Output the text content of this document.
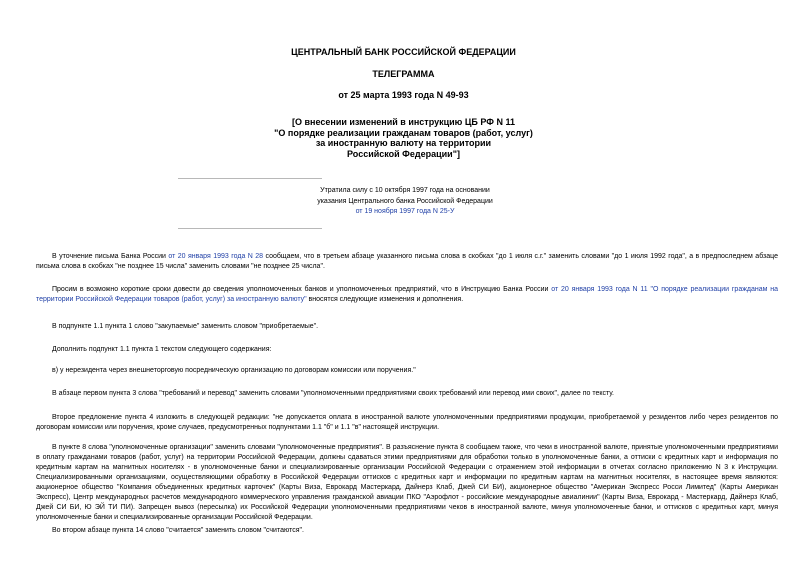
ЦЕНТРАЛЬНЫЙ БАНК РОССИЙСКОЙ ФЕДЕРАЦИИ

ТЕЛЕГРАММА

от 25 марта 1993 года N 49-93

[О внесении изменений в инструкцию ЦБ РФ N 11
"О порядке реализации гражданам товаров (работ, услуг)
за иностранную валюту на территории
Российской Федерации"]

Утратила силу с 10 октября 1997 года на основании
указания Центрального банка Российской Федерации
от 19 ноября 1997 года N 25-У

В уточнение письма Банка России от 20 января 1993 года N 28 сообщаем, что в третьем абзаце указанного письма слова в скобках "до 1 июля с.г." заменить словами "до 1 июля 1992 года", а в предпоследнем абзаце письма слова в скобках "не позднее 15 числа" заменить словами "не позднее 25 числа".

Просим в возможно короткие сроки довести до сведения уполномоченных банков и уполномоченных предприятий, что в Инструкцию Банка России от 20 января 1993 года N 11 "О порядке реализации гражданам на территории Российской Федерации товаров (работ, услуг) за иностранную валюту" вносятся следующие изменения и дополнения.

В подпункте 1.1 пункта 1 слово "закупаемые" заменить словом "приобретаемые".

Дополнить подпункт 1.1 пункта 1 текстом следующего содержания:

в) у нерезидента через внешнеторговую посредническую организацию по договорам комиссии или поручения."

В абзаце первом пункта 3 слова "требований и перевод" заменить словами "уполномоченными предприятиями своих требований или перевод ими своих", далее по тексту.

Второе предложение пункта 4 изложить в следующей редакции: "не допускается оплата в иностранной валюте уполномоченными предприятиями продукции, приобретаемой у резидентов либо через резидентов по договорам комиссии или поручения, кроме случаев, предусмотренных подпунктами 1.1 "б" и 1.1 "в" настоящей инструкции.

В пункте 8 слова "уполномоченные организации" заменить словами "уполномоченные предприятия". В разъяснение пункта 8 сообщаем также, что чеки в иностранной валюте, принятые уполномоченными предприятиями в оплату гражданами товаров (работ, услуг) на территории Российской Федерации, должны сдаваться этими предприятиями для обработки только в уполномоченные банки, а оттиски с кредитных карт и информация по кредитным картам на магнитных носителях - в уполномоченные банки и специализированные организации Российской Федерации с отражением этой информации в отчетах согласно приложению N 3 к Инструкции. Специализированными организациями, осуществляющими обработку в Российской Федерации оттисков с кредитных карт и информации по кредитным картам на магнитных носителях, в настоящее время являются: акционерное общество "Компания объединенных кредитных карточек" (Карты Виза, Еврокард Мастеркард, Дайнерз Клаб, Джей СИ БИ), акционерное общество "Американ Экспресс Росси Лимитед" (Карты Американ Экспресс), Центр международных расчетов международного коммерческого управления гражданской авиации ПКО "Аэрофлот - российские международные авиалинии" (Карты Виза, Еврокард - Мастеркард, Дайнерз Клаб, Джей СИ БИ, Ю ЭЙ ТИ ПИ). Запрещен вывоз (пересылка) их Российской Федерации уполномоченными предприятиями чеков в иностранной валюте, минуя уполномоченные банки, и оттисков с кредитных карт, минуя уполномоченные банки и специализированные организации Российской Федерации.

Во втором абзаце пункта 14 слово "считается" заменить словом "считаются".
